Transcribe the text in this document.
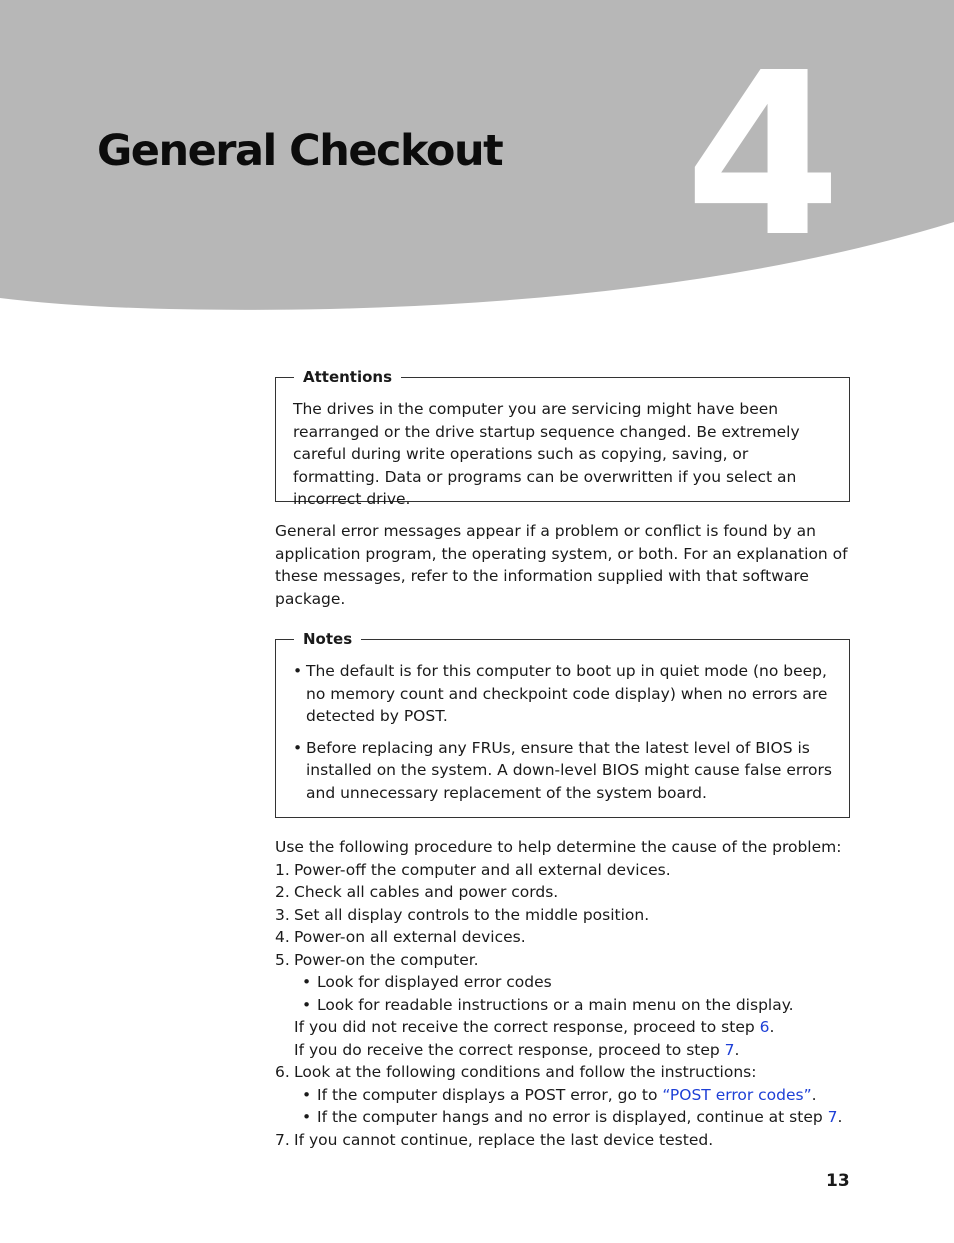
4
General Checkout
Attentions
The drives in the computer you are servicing might have been rearranged or the drive startup sequence changed. Be extremely careful during write operations such as copying, saving, or formatting. Data or programs can be overwritten if you select an incorrect drive.

General error messages appear if a problem or conflict is found by an application program, the operating system, or both. For an explanation of these messages, refer to the information supplied with that software package.

Notes
• The default is for this computer to boot up in quiet mode (no beep, no memory count and checkpoint code display) when no errors are detected by POST.
• Before replacing any FRUs, ensure that the latest level of BIOS is installed on the system. A down-level BIOS might cause false errors and unnecessary replacement of the system board.
Use the following procedure to help determine the cause of the problem:
1. Power-off the computer and all external devices.
2. Check all cables and power cords.
3. Set all display controls to the middle position.
4. Power-on all external devices.
5. Power-on the computer.
• Look for displayed error codes
• Look for readable instructions or a main menu on the display.
If you did not receive the correct response, proceed to step 6.
If you do receive the correct response, proceed to step 7.
6. Look at the following conditions and follow the instructions:
• If the computer displays a POST error, go to “POST error codes”.
• If the computer hangs and no error is displayed, continue at step 7.
7. If you cannot continue, replace the last device tested.
13
